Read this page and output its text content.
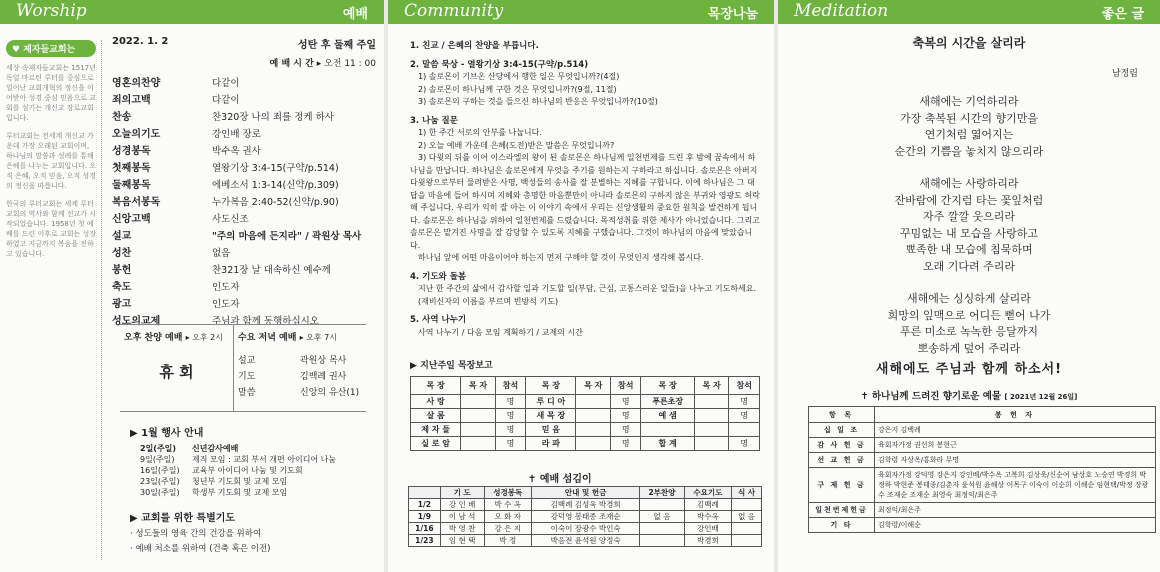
Worship	예배
♥ 제자들교회는

세상 속제자들교회는 1517년 독일 마르틴 루터를 중심으로 일어난 교회개혁의 정신을 이어받아 성경 중심 믿음으로 교회를 섬기는 개신교 장로교회입니다.

루터교회는 전세계 개신교 가운데 가장 오래된 교회이며, 하나님의 말씀과 성례를 통해 은혜를 나누는 교회입니다. 오직 은혜, 오직 믿음, 오직 성경의 정신을 따릅니다.

한국의 루터교회는 세계 루터 교회의 역사와 함께 선교가 시작되었습니다. 1958년 첫 예배를 드린 이후로 교회는 성장하였고 지금까지 복음을 전하고 있습니다.

2022. 1. 2	성탄 후 둘째 주일
예 배 시 간 ▸ 오전 11 : 00
영혼의찬양	다같이
죄의고백	다같이
찬송	찬320장 나의 죄를 정케 하사
오늘의기도	강인배 장로
성경봉독	박수옥 권사
첫째봉독	열왕기상 3:4-15(구약/p.514)
둘째봉독	에베소서 1:3-14(신약/p.309)
복음서봉독	누가복음 2:40-52(신약/p.90)
신앙고백	사도신조
설교	"주의 마음에 든지라" / 곽원상 목사
성찬	없음
봉헌	찬321장 날 대속하신 예수께
축도	인도자
광고	인도자
성도의교제	주님과 함께 동행하십시오
오후 찬양 예배 ▸ 오후 2시
휴 회
수요 저녁 예배 ▸ 오후 7시
설교	곽원상 목사
기도	김백례 권사
말씀	신앙의 유산(1)
▶ 1월 행사 안내
2일(주일)	신년감사예배
9일(주일)	제직 모임 : 교회 부서 개편 아이디어 나눔
16일(주일)	교육부 아이디어 나눔 및 기도회
23일(주일)	청년부 기도회 및 교제 모임
30일(주일)	학생부 기도회 및 교제 모임
▶ 교회를 위한 특별기도
· 성도들의 영육 간의 건강을 위하여
· 예배 처소를 위하여 (건축 혹은 이전)
Community	목장나눔
1. 친교 / 은혜의 찬양을 부릅니다.
2. 말씀 묵상 - 열왕기상 3:4-15(구약/p.514)
1) 솔로몬이 기브온 산당에서 행한 일은 무엇입니까?(4절)
2) 솔로몬이 하나님께 구한 것은 무엇입니까?(9절, 11절)
3) 솔로몬의 구하는 것을 들으신 하나님의 반응은 무엇입니까?(10절)
3. 나눔 질문
1) 한 주간 서로의 안부를 나눕니다.
2) 오늘 예배 가운데 은혜(도전)받은 말씀은 무엇입니까?

3) 다윗의 뒤를 이어 이스라엘의 왕이 된 솔로몬은 하나님께 일천번제를 드린 후 밤에 꿈속에서 하나님을 만납니다. 하나님은 솔로몬에게 무엇을 주기를 원하는지 구하라고 하십니다. 솔로몬은 아버지 다윗왕으로부터 물려받은 사명, 백성들의 송사를 잘 분별하는 지혜를 구합니다. 이에 하나님은 그 대답을 마음에 들어 하시며 지혜와 총명한 마음뿐만이 아니라 솔로몬의 구하지 않은 부귀와 영광도 허락해 주십니다. 우리가 익히 잘 아는 이 이야기 속에서 우리는 신앙생활의 중요한 원칙을 발견하게 됩니다. 솔로몬은 하나님을 위하여 일천번제를 드렸습니다. 목적성취를 위한 제사가 아니었습니다. 그리고 솔로몬은 맡겨진 사명을 잘 감당할 수 있도록 지혜를 구했습니다. 그것이 하나님의 마음에 맞았습니다.

하나님 앞에 어떤 마음이어야 하는지 먼저 구해야 할 것이 무엇인지 생각해 봅시다.

4. 기도와 돌봄
지난 한 주간의 삶에서 감사할 일과 기도할 일(부담, 근심, 고통스러운 일들)을 나누고 기도하세요. (재비신자의 이름을 부르며 빈방석 기도)
5. 사역 나누기
사역 나누기 / 다음 모임 계획하기 / 교제의 시간
▶ 지난주일 목장보고
목 장	목 자	참석	목 장	목 자	참석	목 장	목 자	참석
사 랑		명	루 디 아		명	푸른초장		명
살 롬		명	새 목 장		명	예 샘		명
제 자 들		명	믿 음		명			
실 로 암		명	라 파		명	합 계		명
✝ 예배 섬김이
	기 도	성경봉독	안내 및 헌금	2부찬양	수요기도	식 사
1/2	강 인 배	박 수 옥	김백례 김성욱 박경희		김백례	
1/9	이 남 석	오 화 자	강덕영 봉태종 조재순	없 음	박수옥	없 음
1/16	박 영 찬	강 은 지	이숙이 장광수 박인숙		강인배	
1/23	임 현 택	박 정	박음전 윤석원 양정숙		박경희	
Meditation	좋은 글
축복의 시간을 살리라
남정림
새해에는 기억하리라
가장 축복된 시간의 향기만을
연기처럼 엷어지는
순간의 기쁨을 놓치지 않으리라
새해에는 사랑하리라
잔바람에 간지럼 타는 꽃잎처럼
자주 깔깔 웃으리라
꾸밈없는 내 모습을 사랑하고
뾰족한 내 모습에 침묵하며
오래 기다려 주리라
새해에는 싱싱하게 살리라
희망의 잎맥으로 어디든 뻗어 나가
푸른 미소로 녹녹한 응달까지
뽀송하게 덮어 주리라
새해에도 주님과 함께 하소서!
✝ 하나님께 드려진 향기로운 예물 [ 2021년 12월 26일]
항 목	봉 헌 자
십 일 조	강은지 김백례
감 사 헌 금	육회자가정 권선희 봉현근
선 교 헌 금	김학령 자상옥/홍화라 무명
구 제 헌 금	육회자가정 강덕영 강은지 강인배/박수옥 고복희 김상욱/신순여 남상호 노승연 박경희 박정하 박현준 봉태종/김춘자 윤석원 윤해상 이목구 이숙이 이순희 이해순 임현택/박정 장광수 조재순 조재순 최영숙 최정익/최은주
일천번제헌금	최정익/최은주
기 타	김학령/이해순
